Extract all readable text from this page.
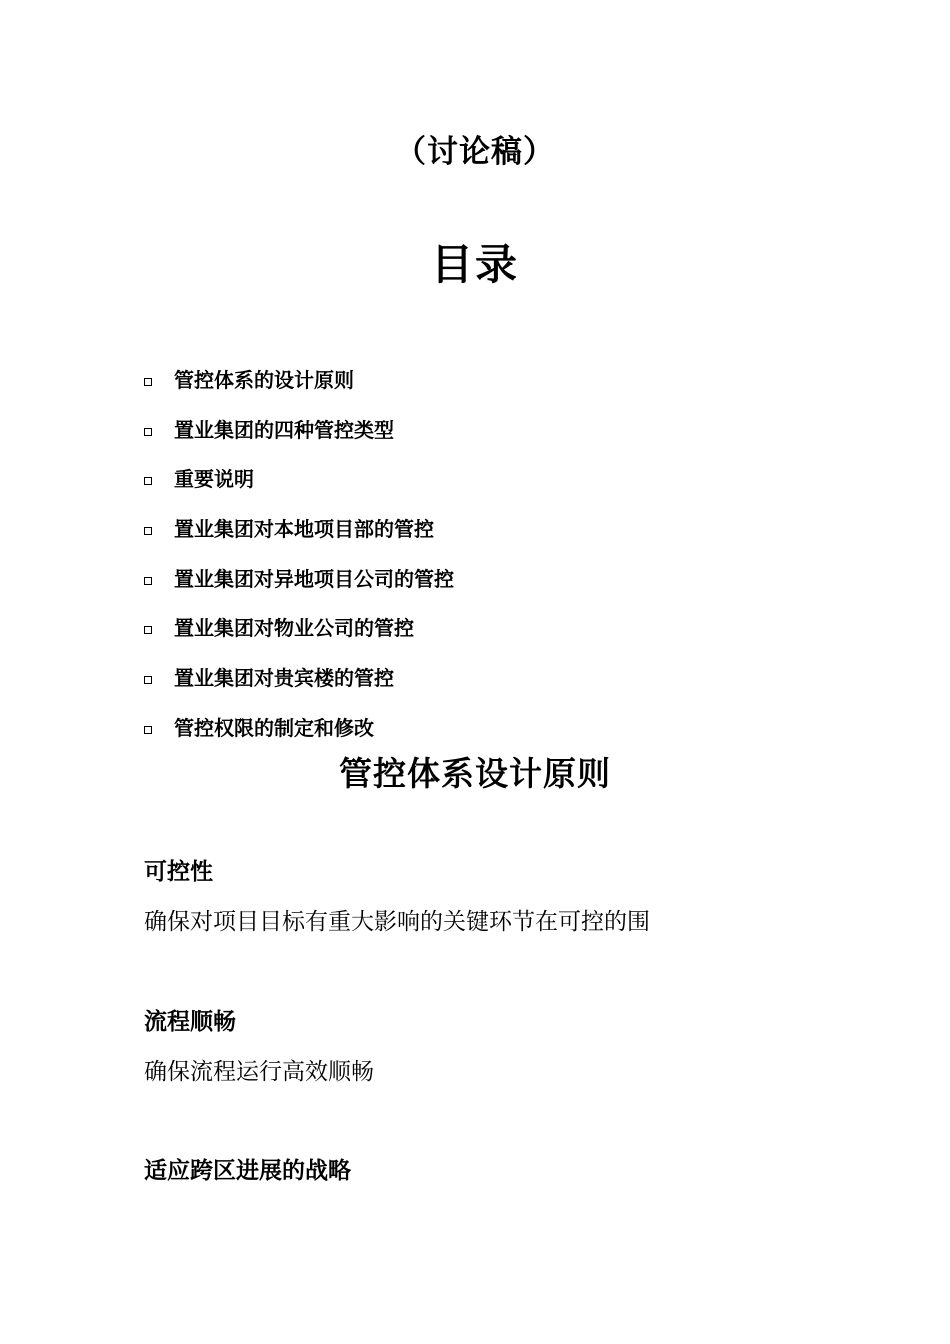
（讨论稿）
目录
管控体系的设计原则
置业集团的四种管控类型
重要说明
置业集团对本地项目部的管控
置业集团对异地项目公司的管控
置业集团对物业公司的管控
置业集团对贵宾楼的管控
管控权限的制定和修改
管控体系设计原则
可控性
确保对项目目标有重大影响的关键环节在可控的围
流程顺畅
确保流程运行高效顺畅
适应跨区进展的战略
